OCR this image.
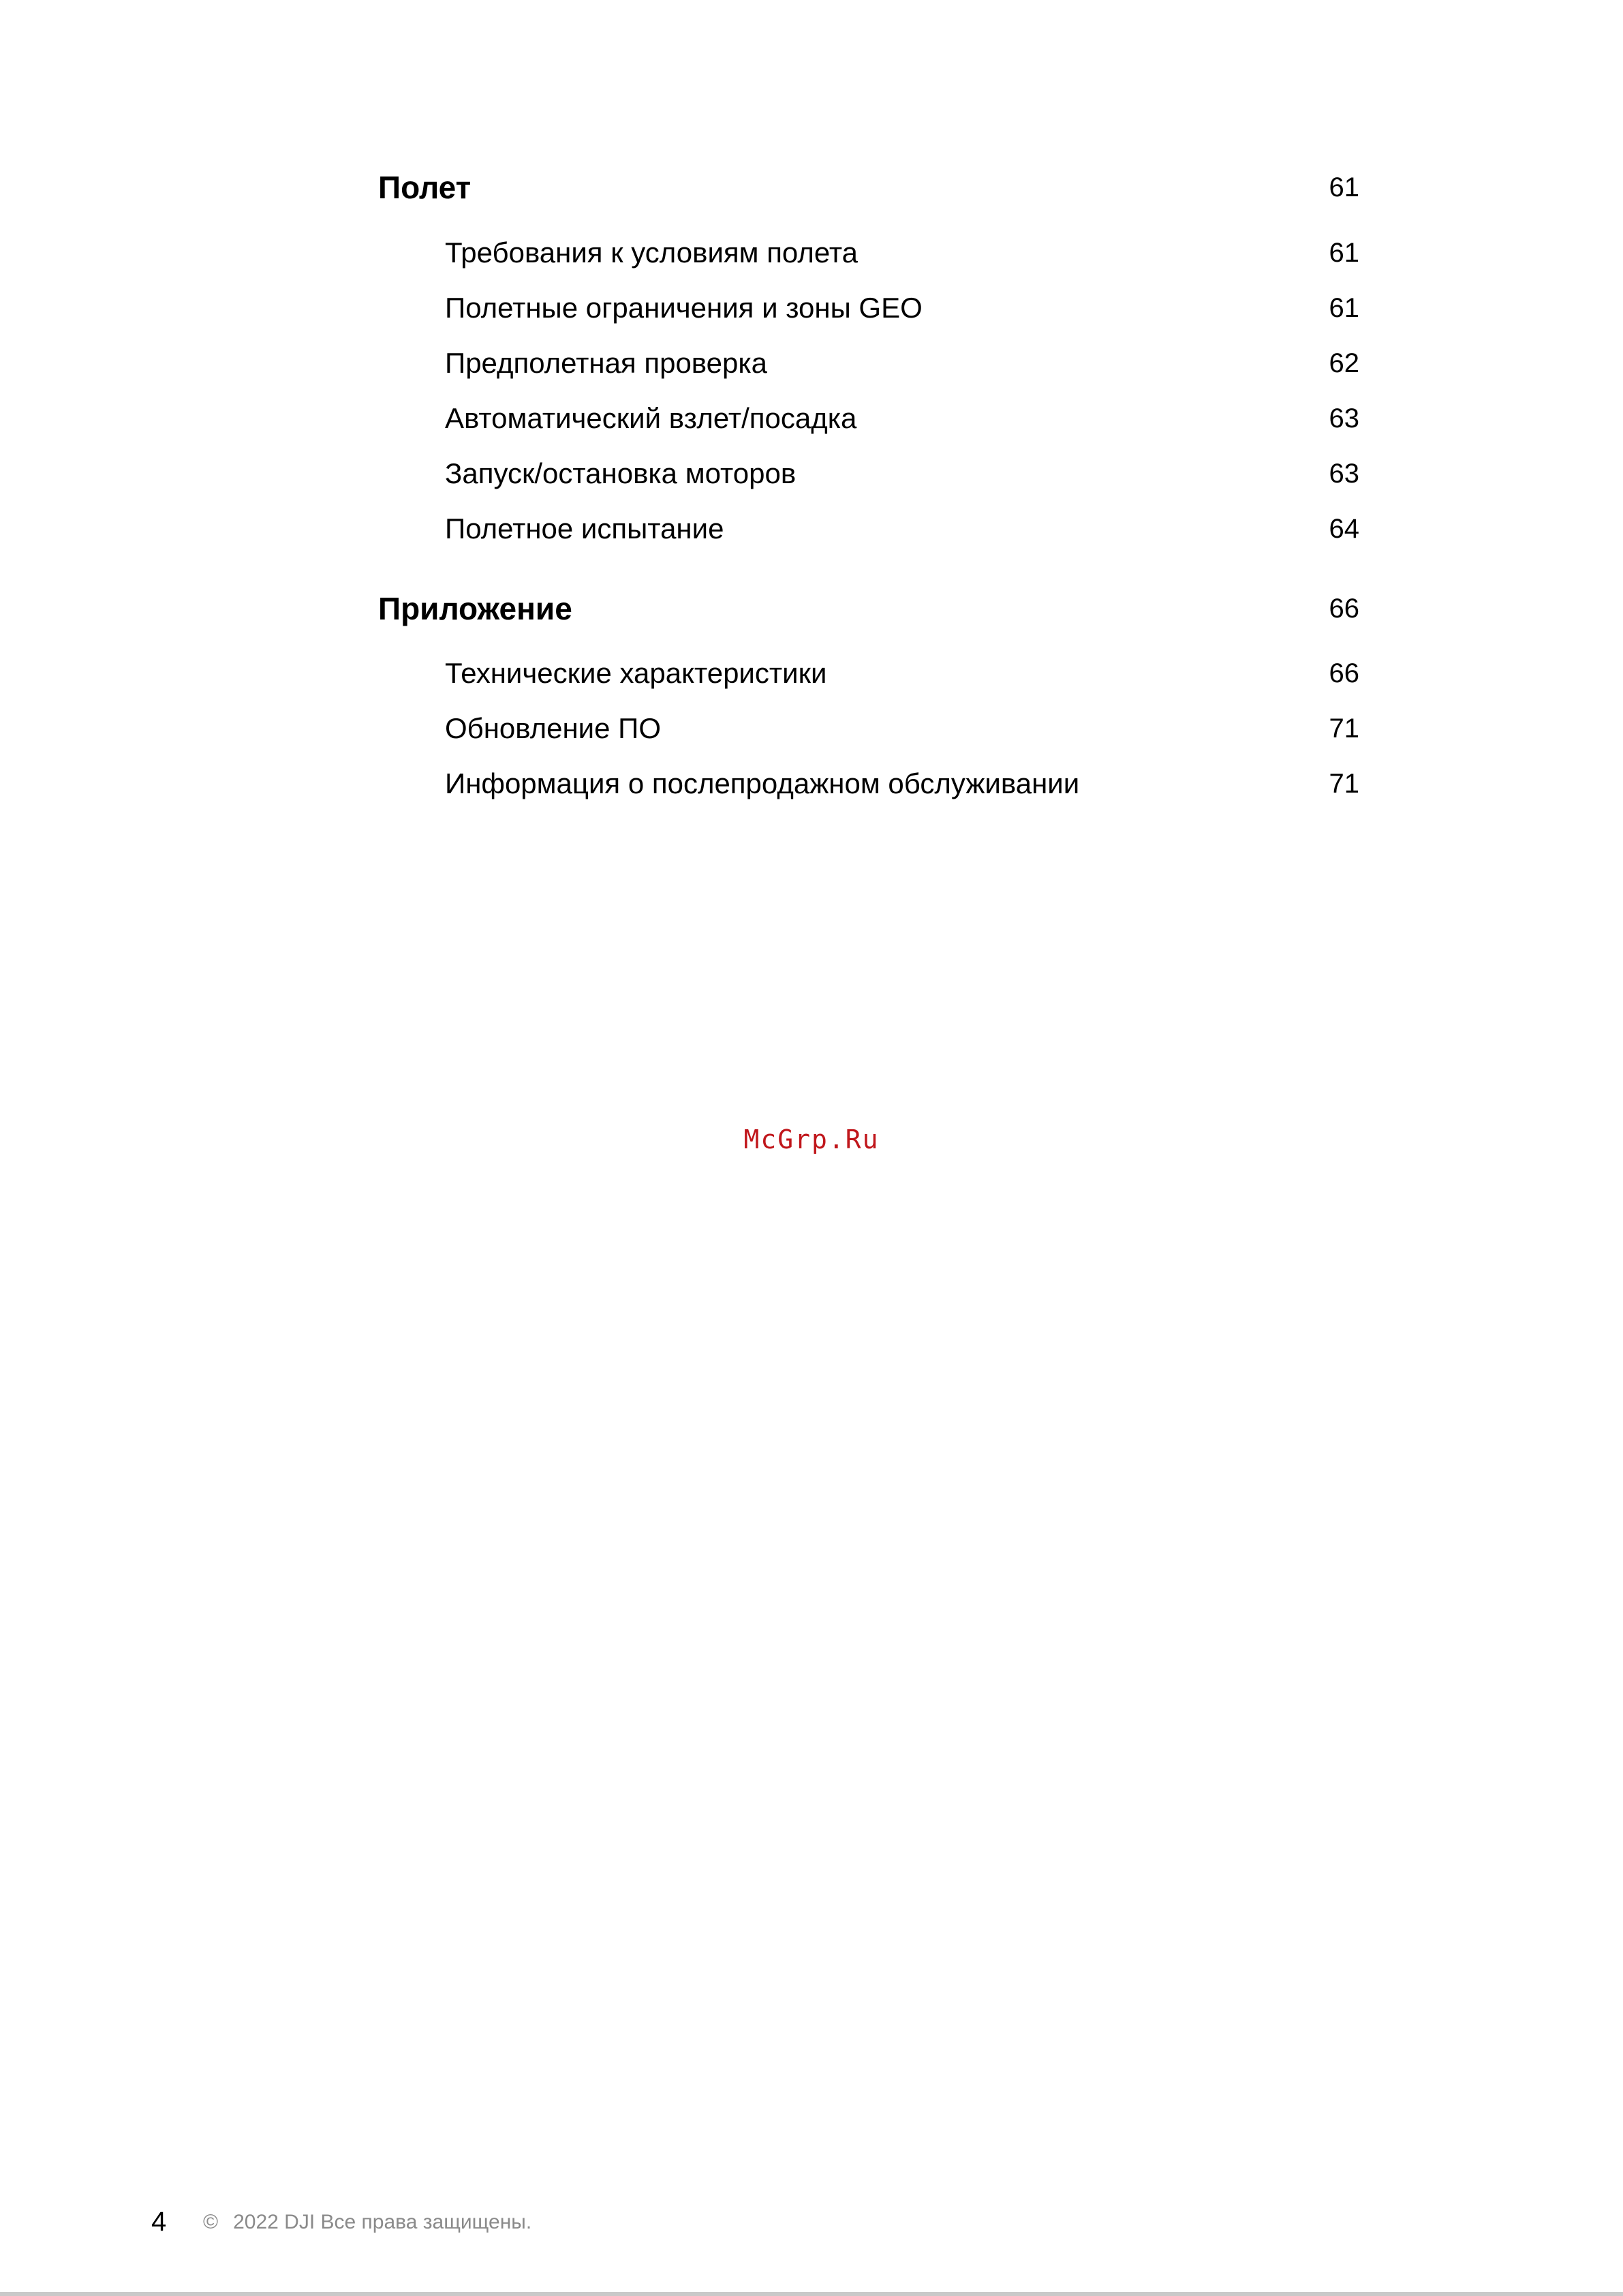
Полет	61
Требования к условиям полета	61
Полетные ограничения и зоны GEO	61
Предполетная проверка	62
Автоматический взлет/посадка	63
Запуск/остановка моторов	63
Полетное испытание	64
Приложение	66
Технические характеристики	66
Обновление ПО	71
Информация о послепродажном обслуживании	71
McGrp.Ru
4 © 2022 DJI Все права защищены.
